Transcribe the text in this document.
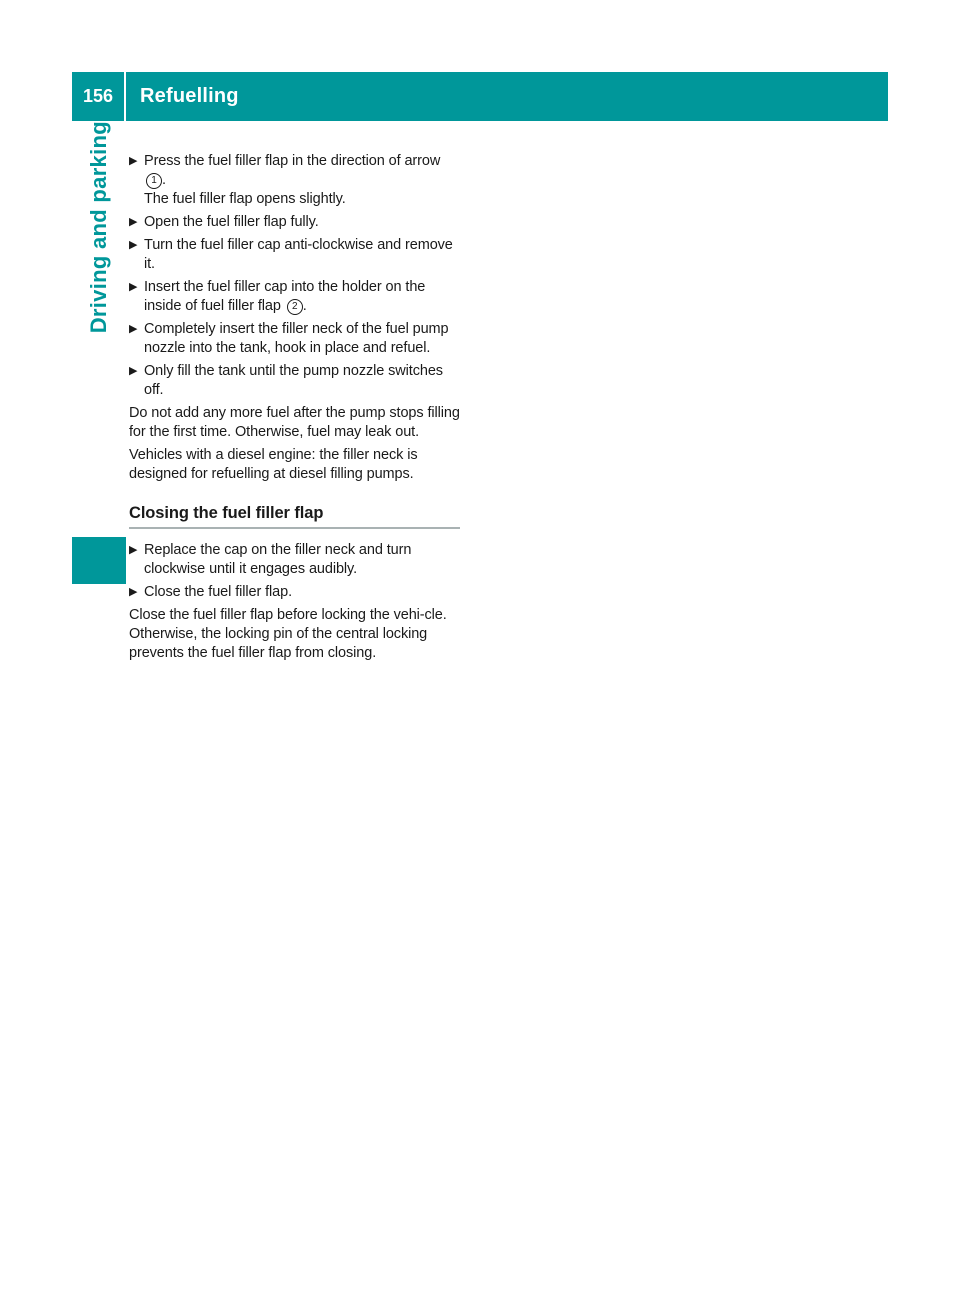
156	Refuelling
Driving and parking ▶ Press the fuel filler flap in the direction of arrow 1 .
The fuel filler flap opens slightly.
▶ Open the fuel filler flap fully.
▶ Turn the fuel filler cap anti-clockwise and remove it.
▶ Insert the fuel filler cap into the holder on the inside of fuel filler flap 2 .
▶ Completely insert the filler neck of the fuel pump nozzle into the tank, hook in place and refuel.
▶ Only fill the tank until the pump nozzle switches off.

Do not add any more fuel after the pump stops filling for the first time. Otherwise, fuel may leak out.

Vehicles with a diesel engine: the filler neck is designed for refuelling at diesel filling pumps.

Closing the fuel filler flap
▶ Replace the cap on the filler neck and turn clockwise until it engages audibly.
▶ Close the fuel filler flap.

Close the fuel filler flap before locking the vehi-cle. Otherwise, the locking pin of the central locking prevents the fuel filler flap from closing.
